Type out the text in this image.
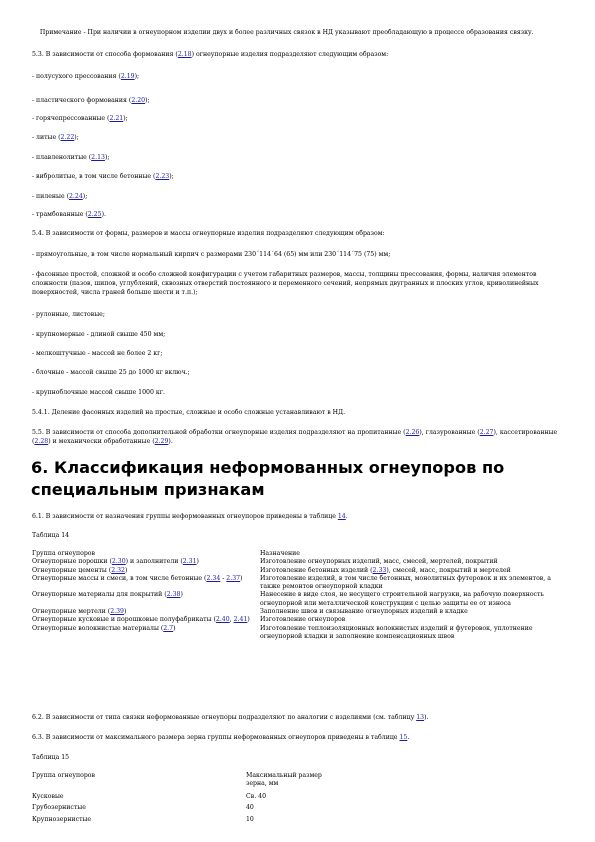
Примечание - При наличии в огнеупорном изделии двух и более различных связок в НД указывают преобладающую в процессе образования связку.

5.3. В зависимости от способа формования (2.18) огнеупорные изделия подразделяют следующим образом:
- полусухого прессования (2.19);
- пластического формования (2.20);
- горячепрессованные (2.21);
- литые (2.22);
- плавленолитые (2.13);
- вибролитые, в том числе бетонные (2.23);
- пиленые (2.24);
- трамбованные (2.25).
5.4. В зависимости от формы, размеров и массы огнеупорные изделия подразделяют следующим образом:
- прямоугольные, в том числе нормальный кирпич с размерами 230´114´64 (65) мм или 230´114´75 (75) мм;
- фасонные простой, сложной и особо сложной конфигурации с учетом габаритных размеров, массы, толщины прессования, формы, наличия элементов сложности (пазов, шипов, углублений, сквозных отверстий постоянного и переменного сечений, непрямых двугранных и плоских углов, криволинейных поверхностей, числа граней больше шести и т.п.);
- рулонные, листовые;
- крупномерные - длиной свыше 450 мм;
- мелкоштучные - массой не более 2 кг;
- блочные - массой свыше 25 до 1000 кг включ.;
- крупноблочные массой свыше 1000 кг.
5.4.1. Деление фасонных изделий на простые, сложные и особо сложные устанавливают в НД.
5.5. В зависимости от способа дополнительной обработки огнеупорные изделия подразделяют на пропитанные (2.26), глазурованные (2.27), кассетированные (2.28) и механически обработанные (2.29).
6. Классификация неформованных огнеупоров по специальным признакам
6.1. В зависимости от назначения группы неформованных огнеупоров приведены в таблице 14.
Таблица 14
Группа огнеупоров	Назначение
Огнеупорные порошки (2.30) и заполнители (2.31)	Изготовление огнеупорных изделий, масс, смесей, мертелей, покрытий
Огнеупорные цементы (2.32)	Изготовление бетонных изделий (2.33), смесей, масс, покрытий и мертелей
Огнеупорные массы и смеси, в том числе бетонные (2.34 - 2.37)	Изготовление изделий, в том числе бетонных, монолитных футеровок и их элементов, а также ремонтов огнеупорной кладки
Огнеупорные материалы для покрытий (2.38)	Нанесение в виде слоя, не несущего строительной нагрузки, на рабочую поверхность огнеупорной или металлической конструкции с целью защиты ее от износа
Огнеупорные мертели (2.39)	Заполнение швов и связывание огнеупорных изделий в кладке
Огнеупорные кусковые и порошковые полуфабрикаты (2.40, 2.41)	Изготовление огнеупоров
Огнеупорные волокнистые материалы (2.7)	Изготовление теплоизоляционных волокнистых изделий и футеровок, уплотнение огнеупорной кладки и заполнение компенсационных швов
6.2. В зависимости от типа связки неформованные огнеупоры подразделяют по аналогии с изделиями (см. таблицу 13).
6.3. В зависимости от максимального размера зерна группы неформованных огнеупоров приведены в таблице 15.
Таблица 15
Группа огнеупоров	Максимальный размер зерна, мм
Кусковые	Св. 40
Грубозернистые	40
Крупнозернистые	10
